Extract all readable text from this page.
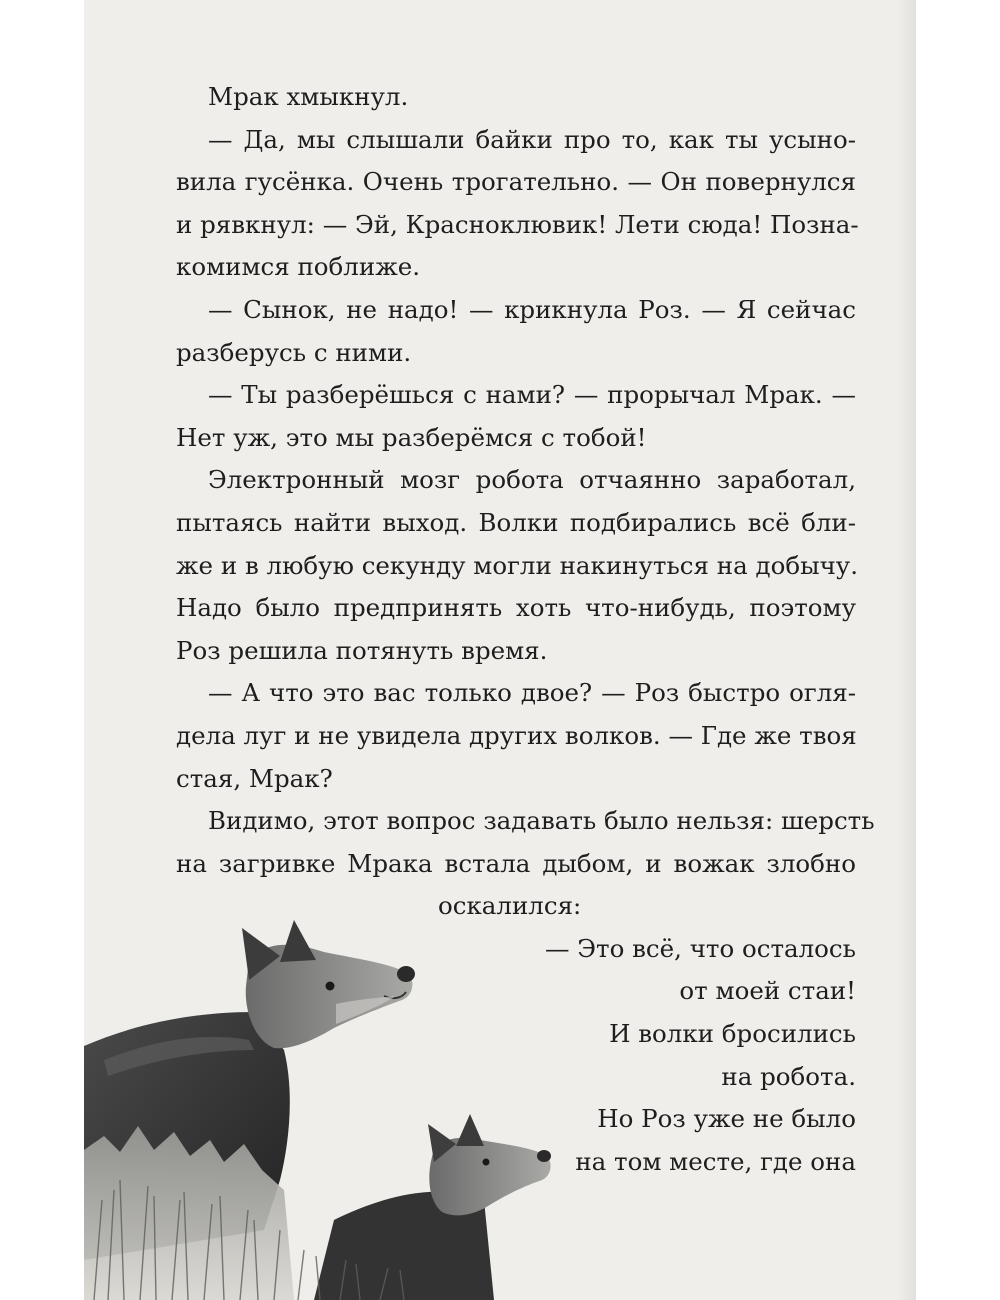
Мрак хмыкнул.
— Да, мы слышали байки про то, как ты усыно-
вила гусёнка. Очень трогательно. — Он повернулся
и рявкнул: — Эй, Красноклювик! Лети сюда! Позна-
комимся поближе.
— Сынок, не надо! — крикнула Роз. — Я сейчас
разберусь с ними.
— Ты разберёшься с нами? — прорычал Мрак. —
Нет уж, это мы разберёмся с тобой!
Электронный мозг робота отчаянно заработал,
пытаясь найти выход. Волки подбирались всё бли-
же и в любую секунду могли накинуться на добычу.
Надо было предпринять хоть что-нибудь, поэтому
Роз решила потянуть время.
— А что это вас только двое? — Роз быстро огля-
дела луг и не увидела других волков. — Где же твоя
стая, Мрак?
Видимо, этот вопрос задавать было нельзя: шерсть
на загривке Мрака встала дыбом, и вожак злобно
оскалился:
— Это всё, что осталось
от моей стаи!
И волки бросились
на робота.
Но Роз уже не было
на том месте, где она
